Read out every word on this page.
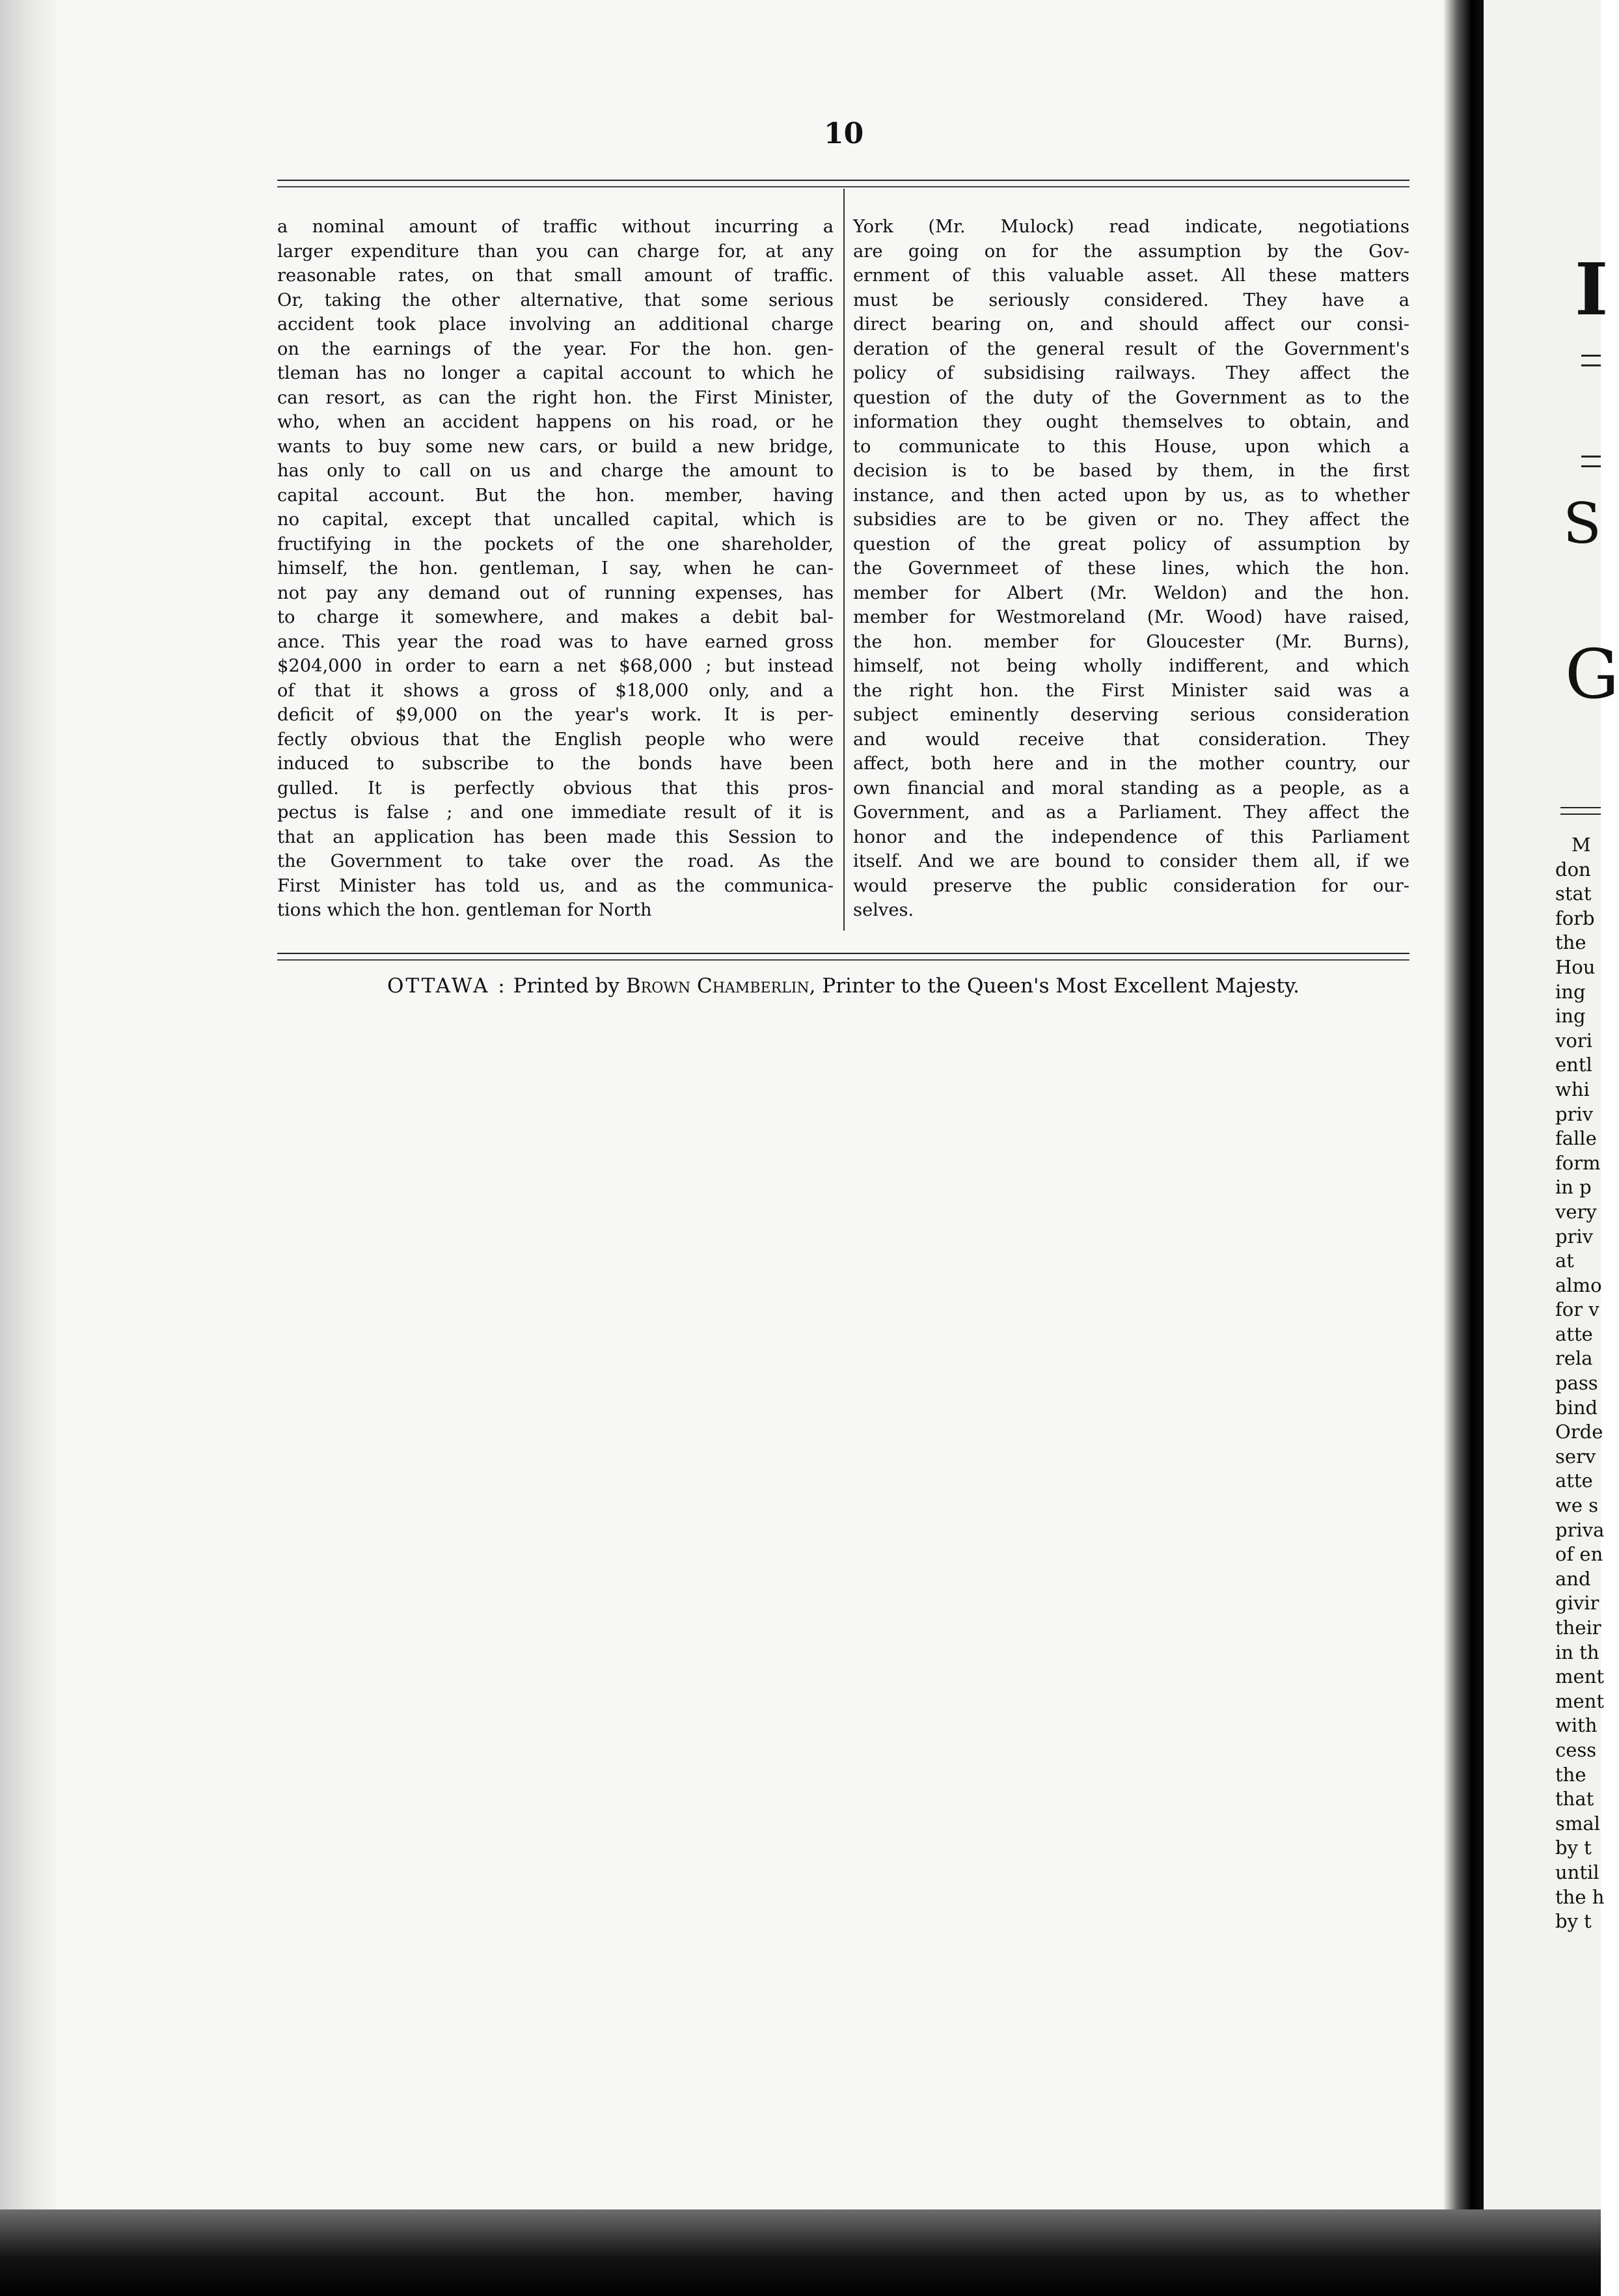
10
a nominal amount of traffic without incurring a
larger expenditure than you can charge for, at any
reasonable rates, on that small amount of traffic.
Or, taking the other alternative, that some serious
accident took place involving an additional charge
on the earnings of the year. For the hon. gen-
tleman has no longer a capital account to which he
can resort, as can the right hon. the First Minister,
who, when an accident happens on his road, or he
wants to buy some new cars, or build a new bridge,
has only to call on us and charge the amount to
capital account. But the hon. member, having
no capital, except that uncalled capital, which is
fructifying in the pockets of the one shareholder,
himself, the hon. gentleman, I say, when he can-
not pay any demand out of running expenses, has
to charge it somewhere, and makes a debit bal-
ance. This year the road was to have earned gross
$204,000 in order to earn a net $68,000 ; but instead
of that it shows a gross of $18,000 only, and a
deficit of $9,000 on the year's work. It is per-
fectly obvious that the English people who were
induced to subscribe to the bonds have been
gulled. It is perfectly obvious that this pros-
pectus is false ; and one immediate result of it is
that an application has been made this Session to
the Government to take over the road. As the
First Minister has told us, and as the communica-
tions which the hon. gentleman for North
York (Mr. Mulock) read indicate, negotiations
are going on for the assumption by the Gov-
ernment of this valuable asset. All these matters
must be seriously considered. They have a
direct bearing on, and should affect our consi-
deration of the general result of the Government's
policy of subsidising railways. They affect the
question of the duty of the Government as to the
information they ought themselves to obtain, and
to communicate to this House, upon which a
decision is to be based by them, in the first
instance, and then acted upon by us, as to whether
subsidies are to be given or no. They affect the
question of the great policy of assumption by
the Governmeet of these lines, which the hon.
member for Albert (Mr. Weldon) and the hon.
member for Westmoreland (Mr. Wood) have raised,
the hon. member for Gloucester (Mr. Burns),
himself, not being wholly indifferent, and which
the right hon. the First Minister said was a
subject eminently deserving serious consideration
and would receive that consideration. They
affect, both here and in the mother country, our
own financial and moral standing as a people, as a
Government, and as a Parliament. They affect the
honor and the independence of this Parliament
itself. And we are bound to consider them all, if we
would preserve the public consideration for our-
selves.
OTTAWA : Printed by Brown Chamberlin, Printer to the Queen's Most Excellent Majesty.
I
S
G
M
don
stat
forb
the
Hou
ing
ing
vori
entl
whi
priv
falle
form
in p
very
priv
at
almo
for v
atte
rela
pass
bind
Orde
serv
atte
we s
priva
of en
and
givir
their
in th
ment
ment
with
cess
the
that
smal
by t
until
the h
by t
